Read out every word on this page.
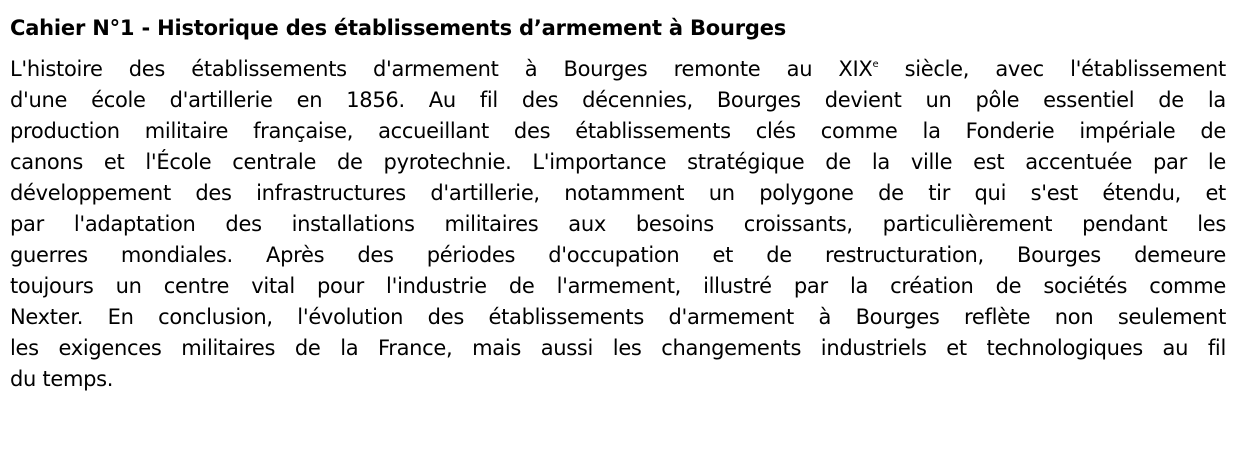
Cahier N°1 - Historique des établissements d’armement à Bourges
L'histoire des établissements d'armement à Bourges remonte au XIXe siècle, avec l'établissement
d'une école d'artillerie en 1856. Au fil des décennies, Bourges devient un pôle essentiel de la
production militaire française, accueillant des établissements clés comme la Fonderie impériale de
canons et l'École centrale de pyrotechnie. L'importance stratégique de la ville est accentuée par le
développement des infrastructures d'artillerie, notamment un polygone de tir qui s'est étendu, et
par l'adaptation des installations militaires aux besoins croissants, particulièrement pendant les
guerres mondiales. Après des périodes d'occupation et de restructuration, Bourges demeure
toujours un centre vital pour l'industrie de l'armement, illustré par la création de sociétés comme
Nexter. En conclusion, l'évolution des établissements d'armement à Bourges reflète non seulement
les exigences militaires de la France, mais aussi les changements industriels et technologiques au fil
du temps.
